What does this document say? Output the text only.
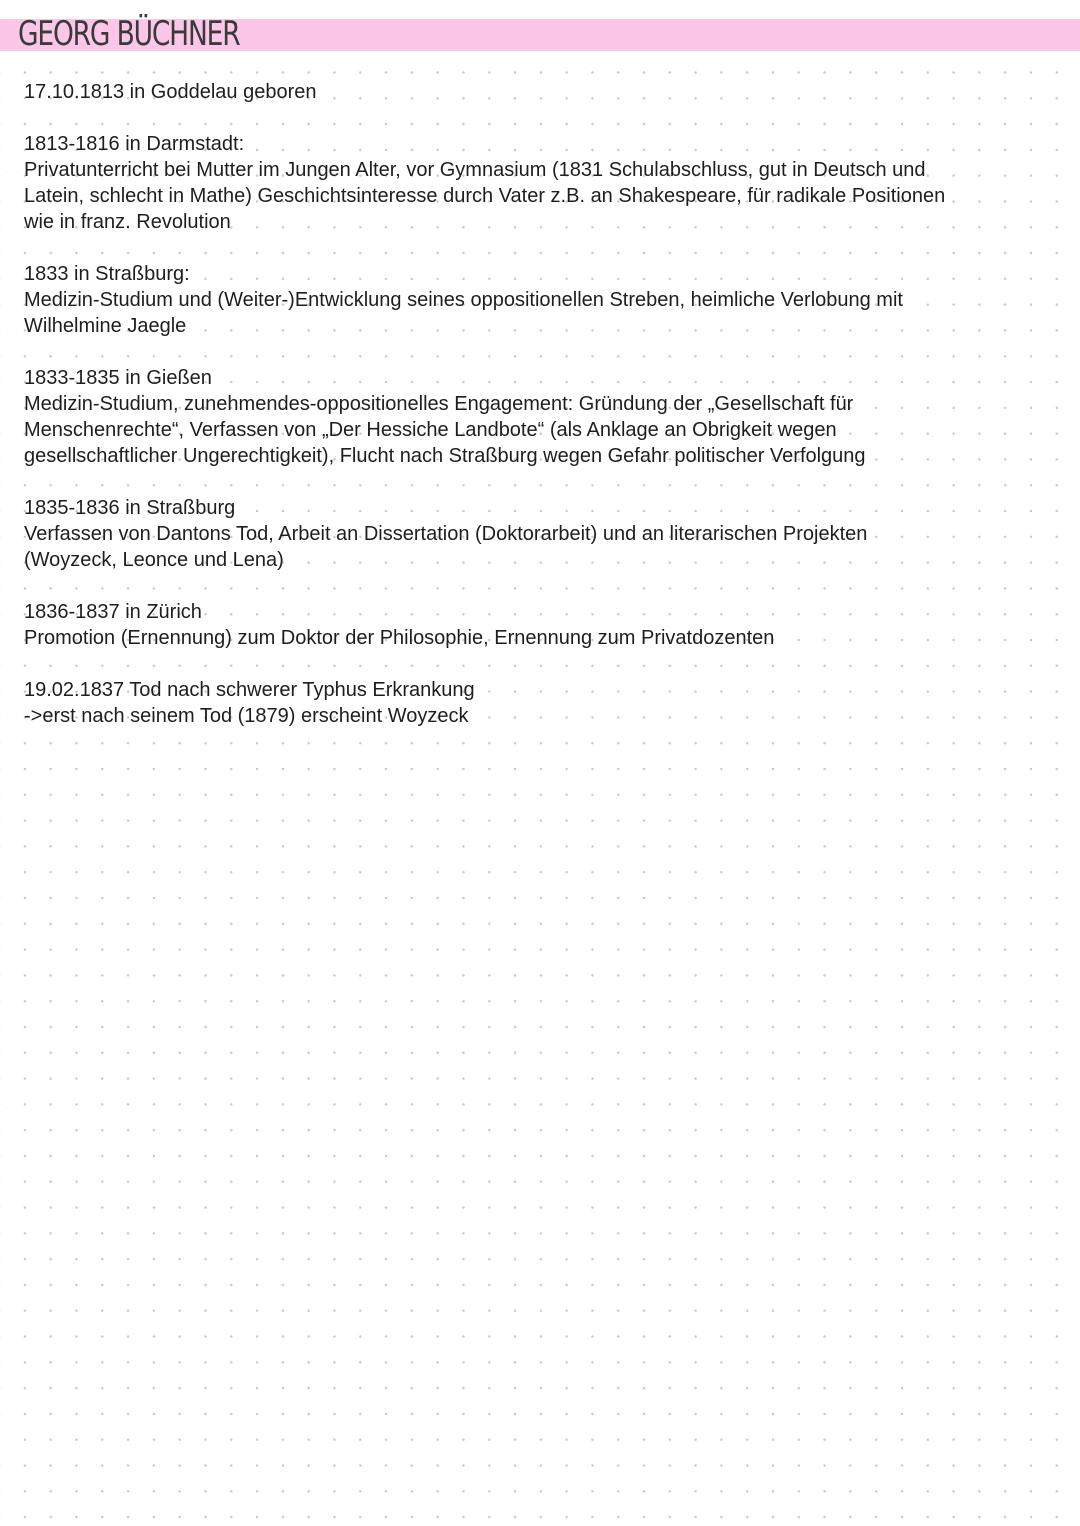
GEORG BÜCHNER
17.10.1813 in Goddelau geboren
1813-1816 in Darmstadt:
Privatunterricht bei Mutter im Jungen Alter, vor Gymnasium (1831 Schulabschluss, gut in Deutsch und
Latein, schlecht in Mathe) Geschichtsinteresse durch Vater z.B. an Shakespeare, für radikale Positionen
wie in franz. Revolution
1833 in Straßburg:
Medizin-Studium und (Weiter-)Entwicklung seines oppositionellen Streben, heimliche Verlobung mit
Wilhelmine Jaegle
1833-1835 in Gießen
Medizin-Studium, zunehmendes-oppositionelles Engagement: Gründung der „Gesellschaft für
Menschenrechte“, Verfassen von „Der Hessiche Landbote“ (als Anklage an Obrigkeit wegen
gesellschaftlicher Ungerechtigkeit), Flucht nach Straßburg wegen Gefahr politischer Verfolgung
1835-1836 in Straßburg
Verfassen von Dantons Tod, Arbeit an Dissertation (Doktorarbeit) und an literarischen Projekten
(Woyzeck, Leonce und Lena)
1836-1837 in Zürich
Promotion (Ernennung) zum Doktor der Philosophie, Ernennung zum Privatdozenten
19.02.1837 Tod nach schwerer Typhus Erkrankung
->erst nach seinem Tod (1879) erscheint Woyzeck
